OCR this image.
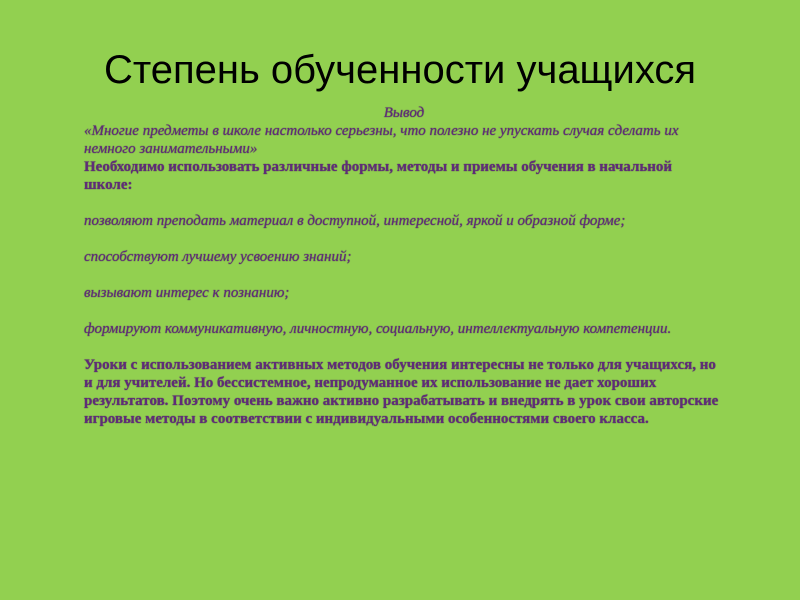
Степень обученности учащихся

Вывод

«Многие предметы в школе настолько серьезны, что полезно не упускать случая сделать их немного занимательными»

Необходимо использовать различные формы, методы и приемы обучения в начальной школе:

позволяют преподать материал в доступной, интересной, яркой и образной форме;

способствуют лучшему усвоению знаний;

вызывают интерес к познанию;

формируют коммуникативную, личностную, социальную, интеллектуальную компетенции.

Уроки с использованием активных методов обучения интересны не только для учащихся, но и для учителей. Но бессистемное, непродуманное их использование не дает хороших результатов. Поэтому очень важно активно разрабатывать и внедрять в урок свои авторские игровые методы в соответствии с индивидуальными особенностями своего класса.
